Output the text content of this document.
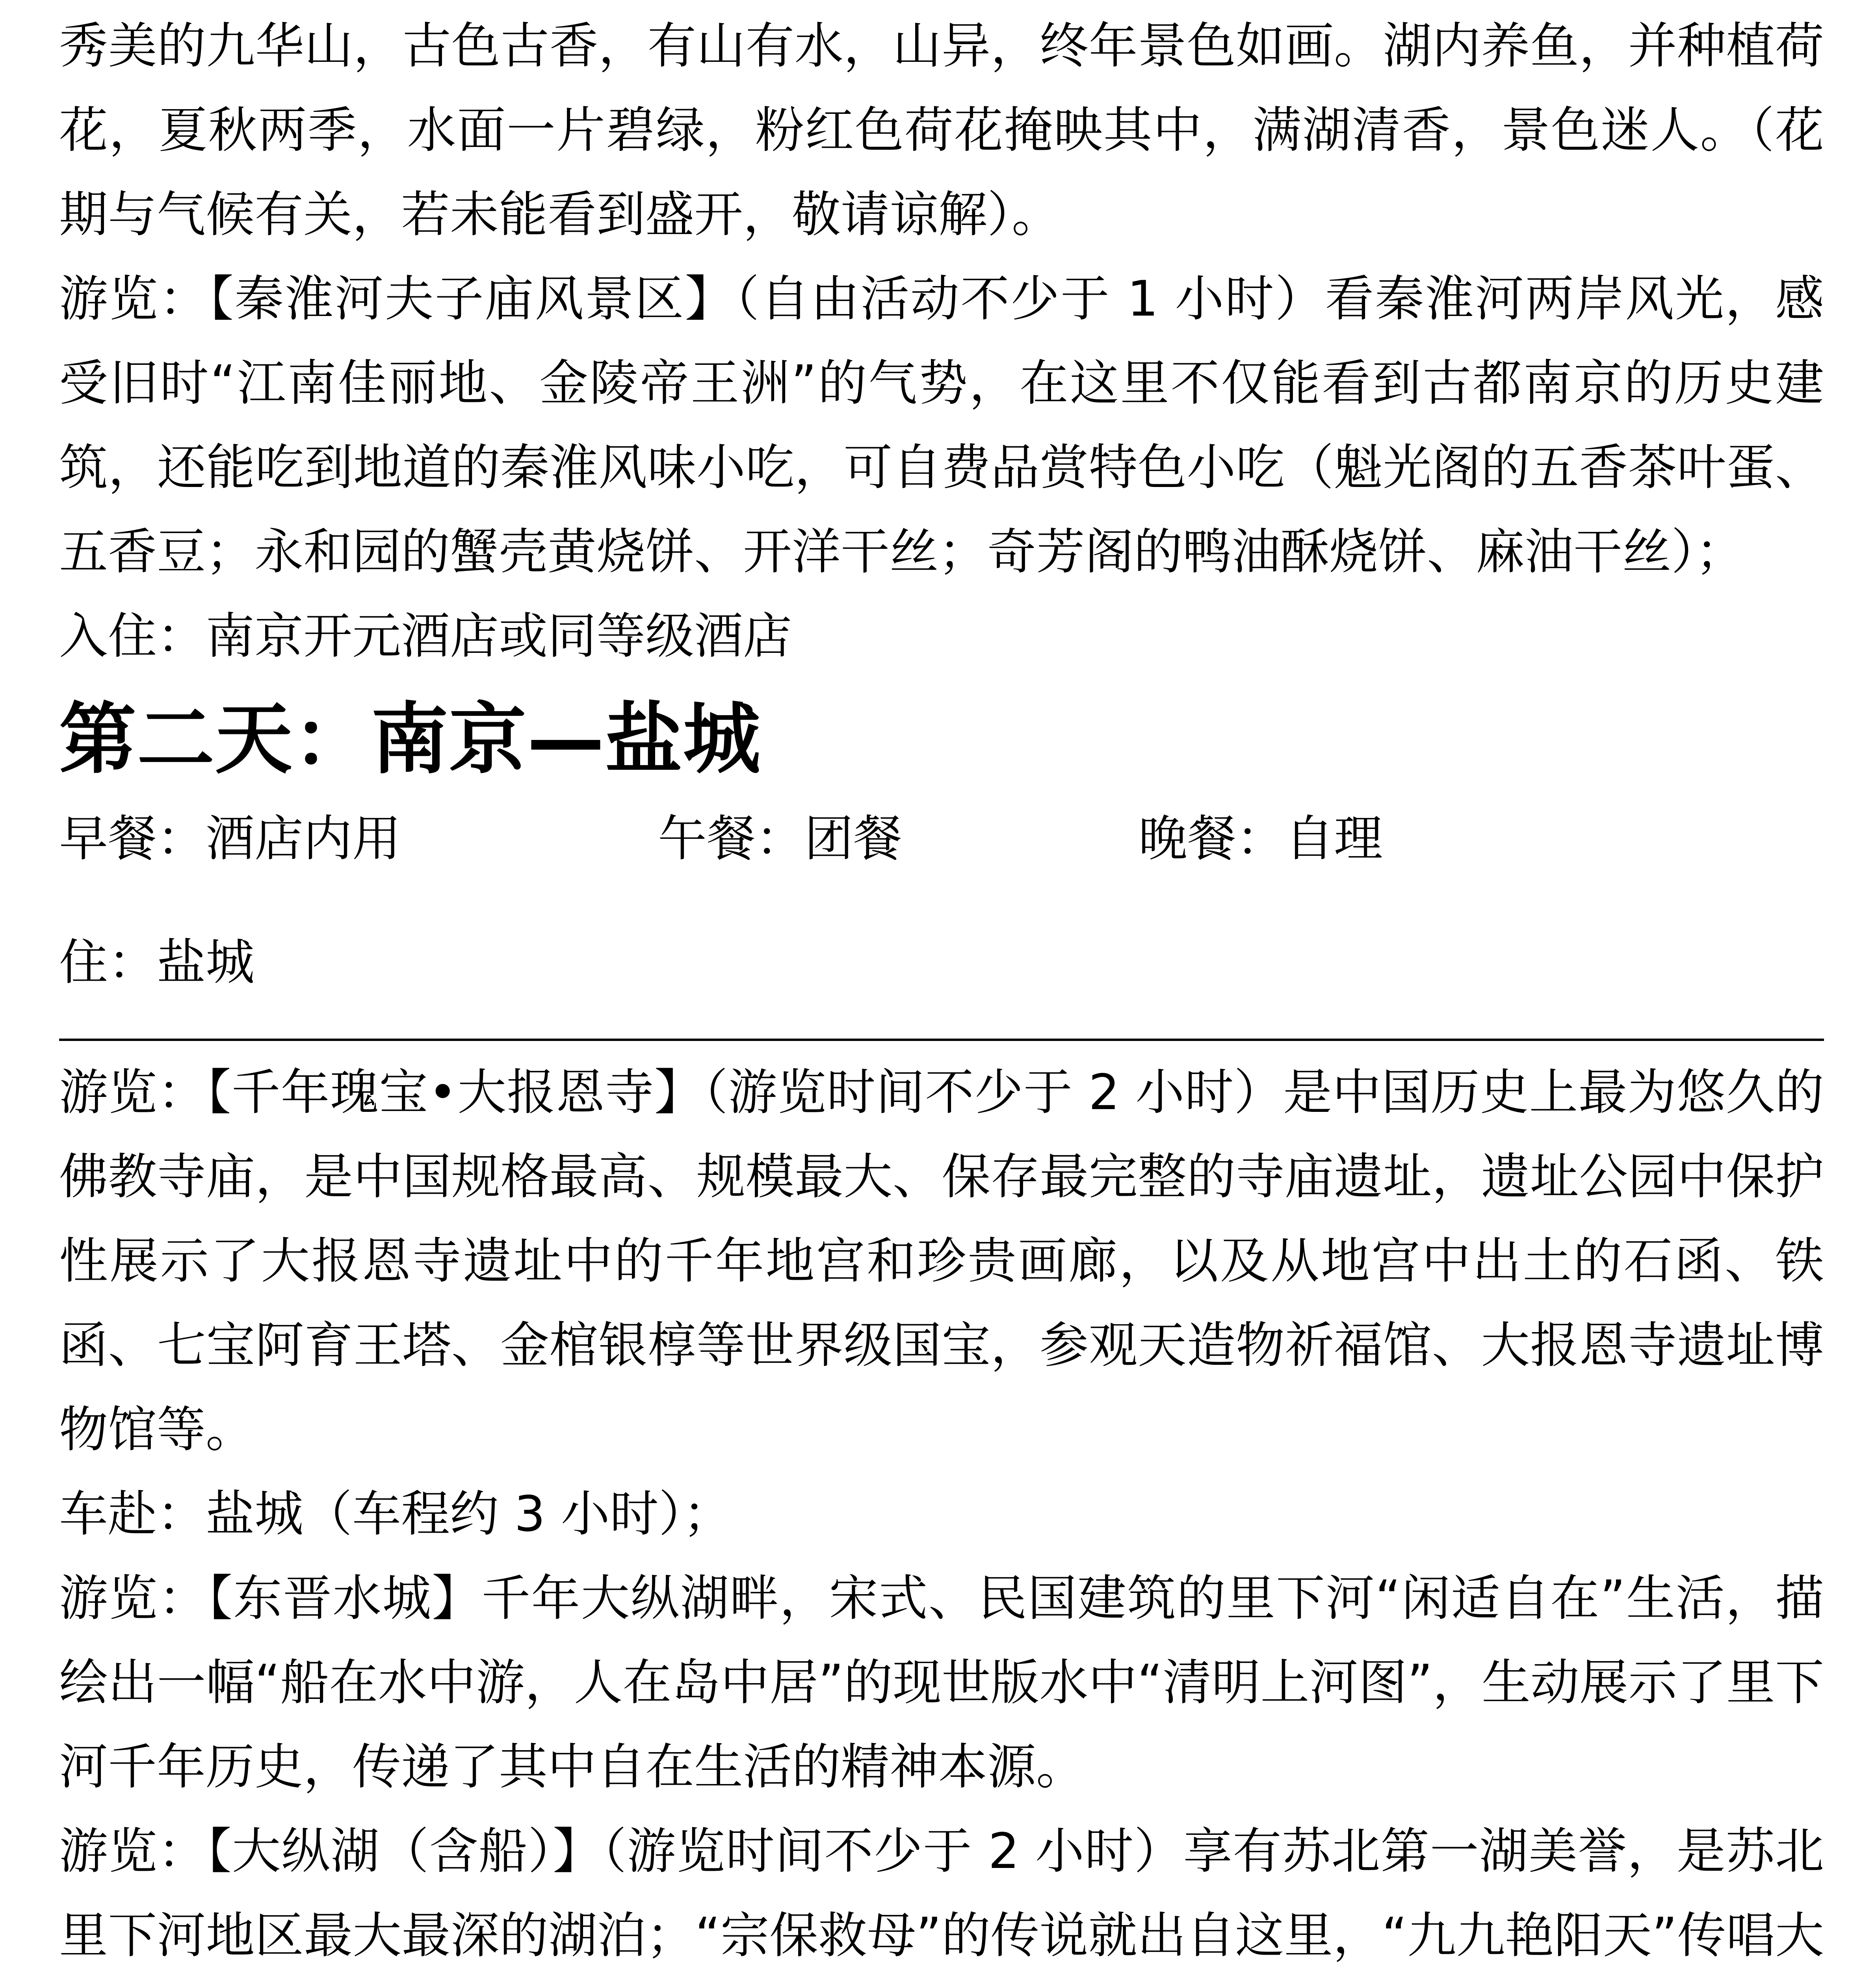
秀美的九华山，古色古香，有山有水，山异，终年景色如画。湖内养鱼，并种植荷花，夏秋两季，水面一片碧绿，粉红色荷花掩映其中，满湖清香，景色迷人。（花期与气候有关，若未能看到盛开，敬请谅解）。

游览：【秦淮河夫子庙风景区】（自由活动不少于 1 小时）看秦淮河两岸风光，感受旧时“江南佳丽地、金陵帝王洲”的气势，在这里不仅能看到古都南京的历史建筑，还能吃到地道的秦淮风味小吃，可自费品赏特色小吃（魁光阁的五香茶叶蛋、五香豆；永和园的蟹壳黄烧饼、开洋干丝；奇芳阁的鸭油酥烧饼、麻油干丝）；

入住：南京开元酒店或同等级酒店

第二天：南京—盐城
早餐：酒店内用	午餐：团餐	晚餐：自理

住：盐城

游览：【千年瑰宝•大报恩寺】（游览时间不少于 2 小时）是中国历史上最为悠久的佛教寺庙，是中国规格最高、规模最大、保存最完整的寺庙遗址，遗址公园中保护性展示了大报恩寺遗址中的千年地宫和珍贵画廊，以及从地宫中出土的石函、铁函、七宝阿育王塔、金棺银椁等世界级国宝，参观天造物祈福馆、大报恩寺遗址博物馆等。

车赴：盐城（车程约 3 小时）；

游览：【东晋水城】千年大纵湖畔，宋式、民国建筑的里下河“闲适自在”生活，描绘出一幅“船在水中游，人在岛中居”的现世版水中“清明上河图”，生动展示了里下河千年历史，传递了其中自在生活的精神本源。

游览：【大纵湖（含船）】（游览时间不少于 2 小时）享有苏北第一湖美誉，是苏北里下河地区最大最深的湖泊；“宗保救母”的传说就出自这里，“九九艳阳天”传唱大
